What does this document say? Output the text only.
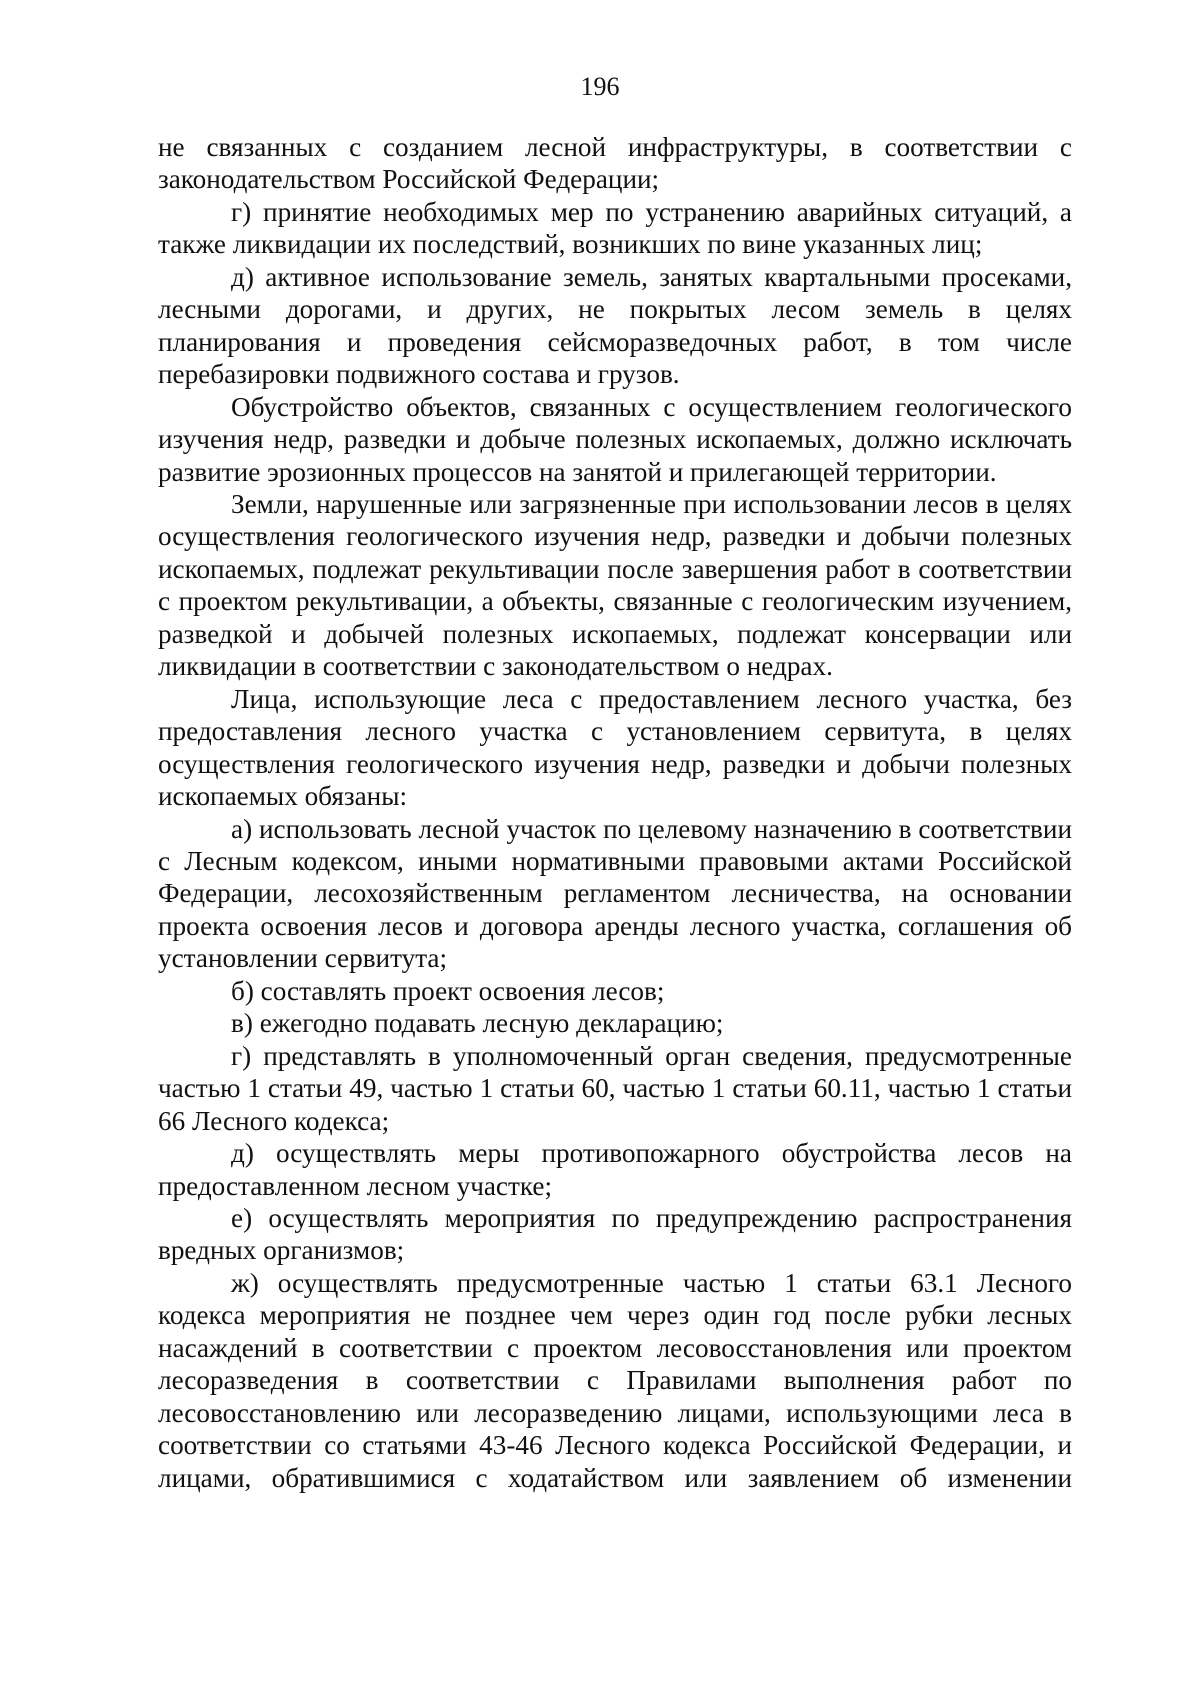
196

не связанных с созданием лесной инфраструктуры, в соответствии с законодательством Российской Федерации;

г) принятие необходимых мер по устранению аварийных ситуаций, а также ликвидации их последствий, возникших по вине указанных лиц;

д) активное использование земель, занятых квартальными просеками, лесными дорогами, и других, не покрытых лесом земель в целях планирования и проведения сейсморазведочных работ, в том числе перебазировки подвижного состава и грузов.

Обустройство объектов, связанных с осуществлением геологического изучения недр, разведки и добыче полезных ископаемых, должно исключать развитие эрозионных процессов на занятой и прилегающей территории.

Земли, нарушенные или загрязненные при использовании лесов в целях осуществления геологического изучения недр, разведки и добычи полезных ископаемых, подлежат рекультивации после завершения работ в соответствии с проектом рекультивации, а объекты, связанные с геологическим изучением, разведкой и добычей полезных ископаемых, подлежат консервации или ликвидации в соответствии с законодательством о недрах.

Лица, использующие леса с предоставлением лесного участка, без предоставления лесного участка с установлением сервитута, в целях осуществления геологического изучения недр, разведки и добычи полезных ископаемых обязаны:

а) использовать лесной участок по целевому назначению в соответствии с Лесным кодексом, иными нормативными правовыми актами Российской Федерации, лесохозяйственным регламентом лесничества, на основании проекта освоения лесов и договора аренды лесного участка, соглашения об установлении сервитута;

б) составлять проект освоения лесов;

в) ежегодно подавать лесную декларацию;

г) представлять в уполномоченный орган сведения, предусмотренные частью 1 статьи 49, частью 1 статьи 60, частью 1 статьи 60.11, частью 1 статьи 66 Лесного кодекса;

д) осуществлять меры противопожарного обустройства лесов на предоставленном лесном участке;

е) осуществлять мероприятия по предупреждению распространения вредных организмов;

ж) осуществлять предусмотренные частью 1 статьи 63.1 Лесного кодекса мероприятия не позднее чем через один год после рубки лесных насаждений в соответствии с проектом лесовосстановления или проектом лесоразведения в соответствии с Правилами выполнения работ по лесовосстановлению или лесоразведению лицами, использующими леса в соответствии со статьями 43-46 Лесного кодекса Российской Федерации, и лицами, обратившимися с ходатайством или заявлением об изменении
